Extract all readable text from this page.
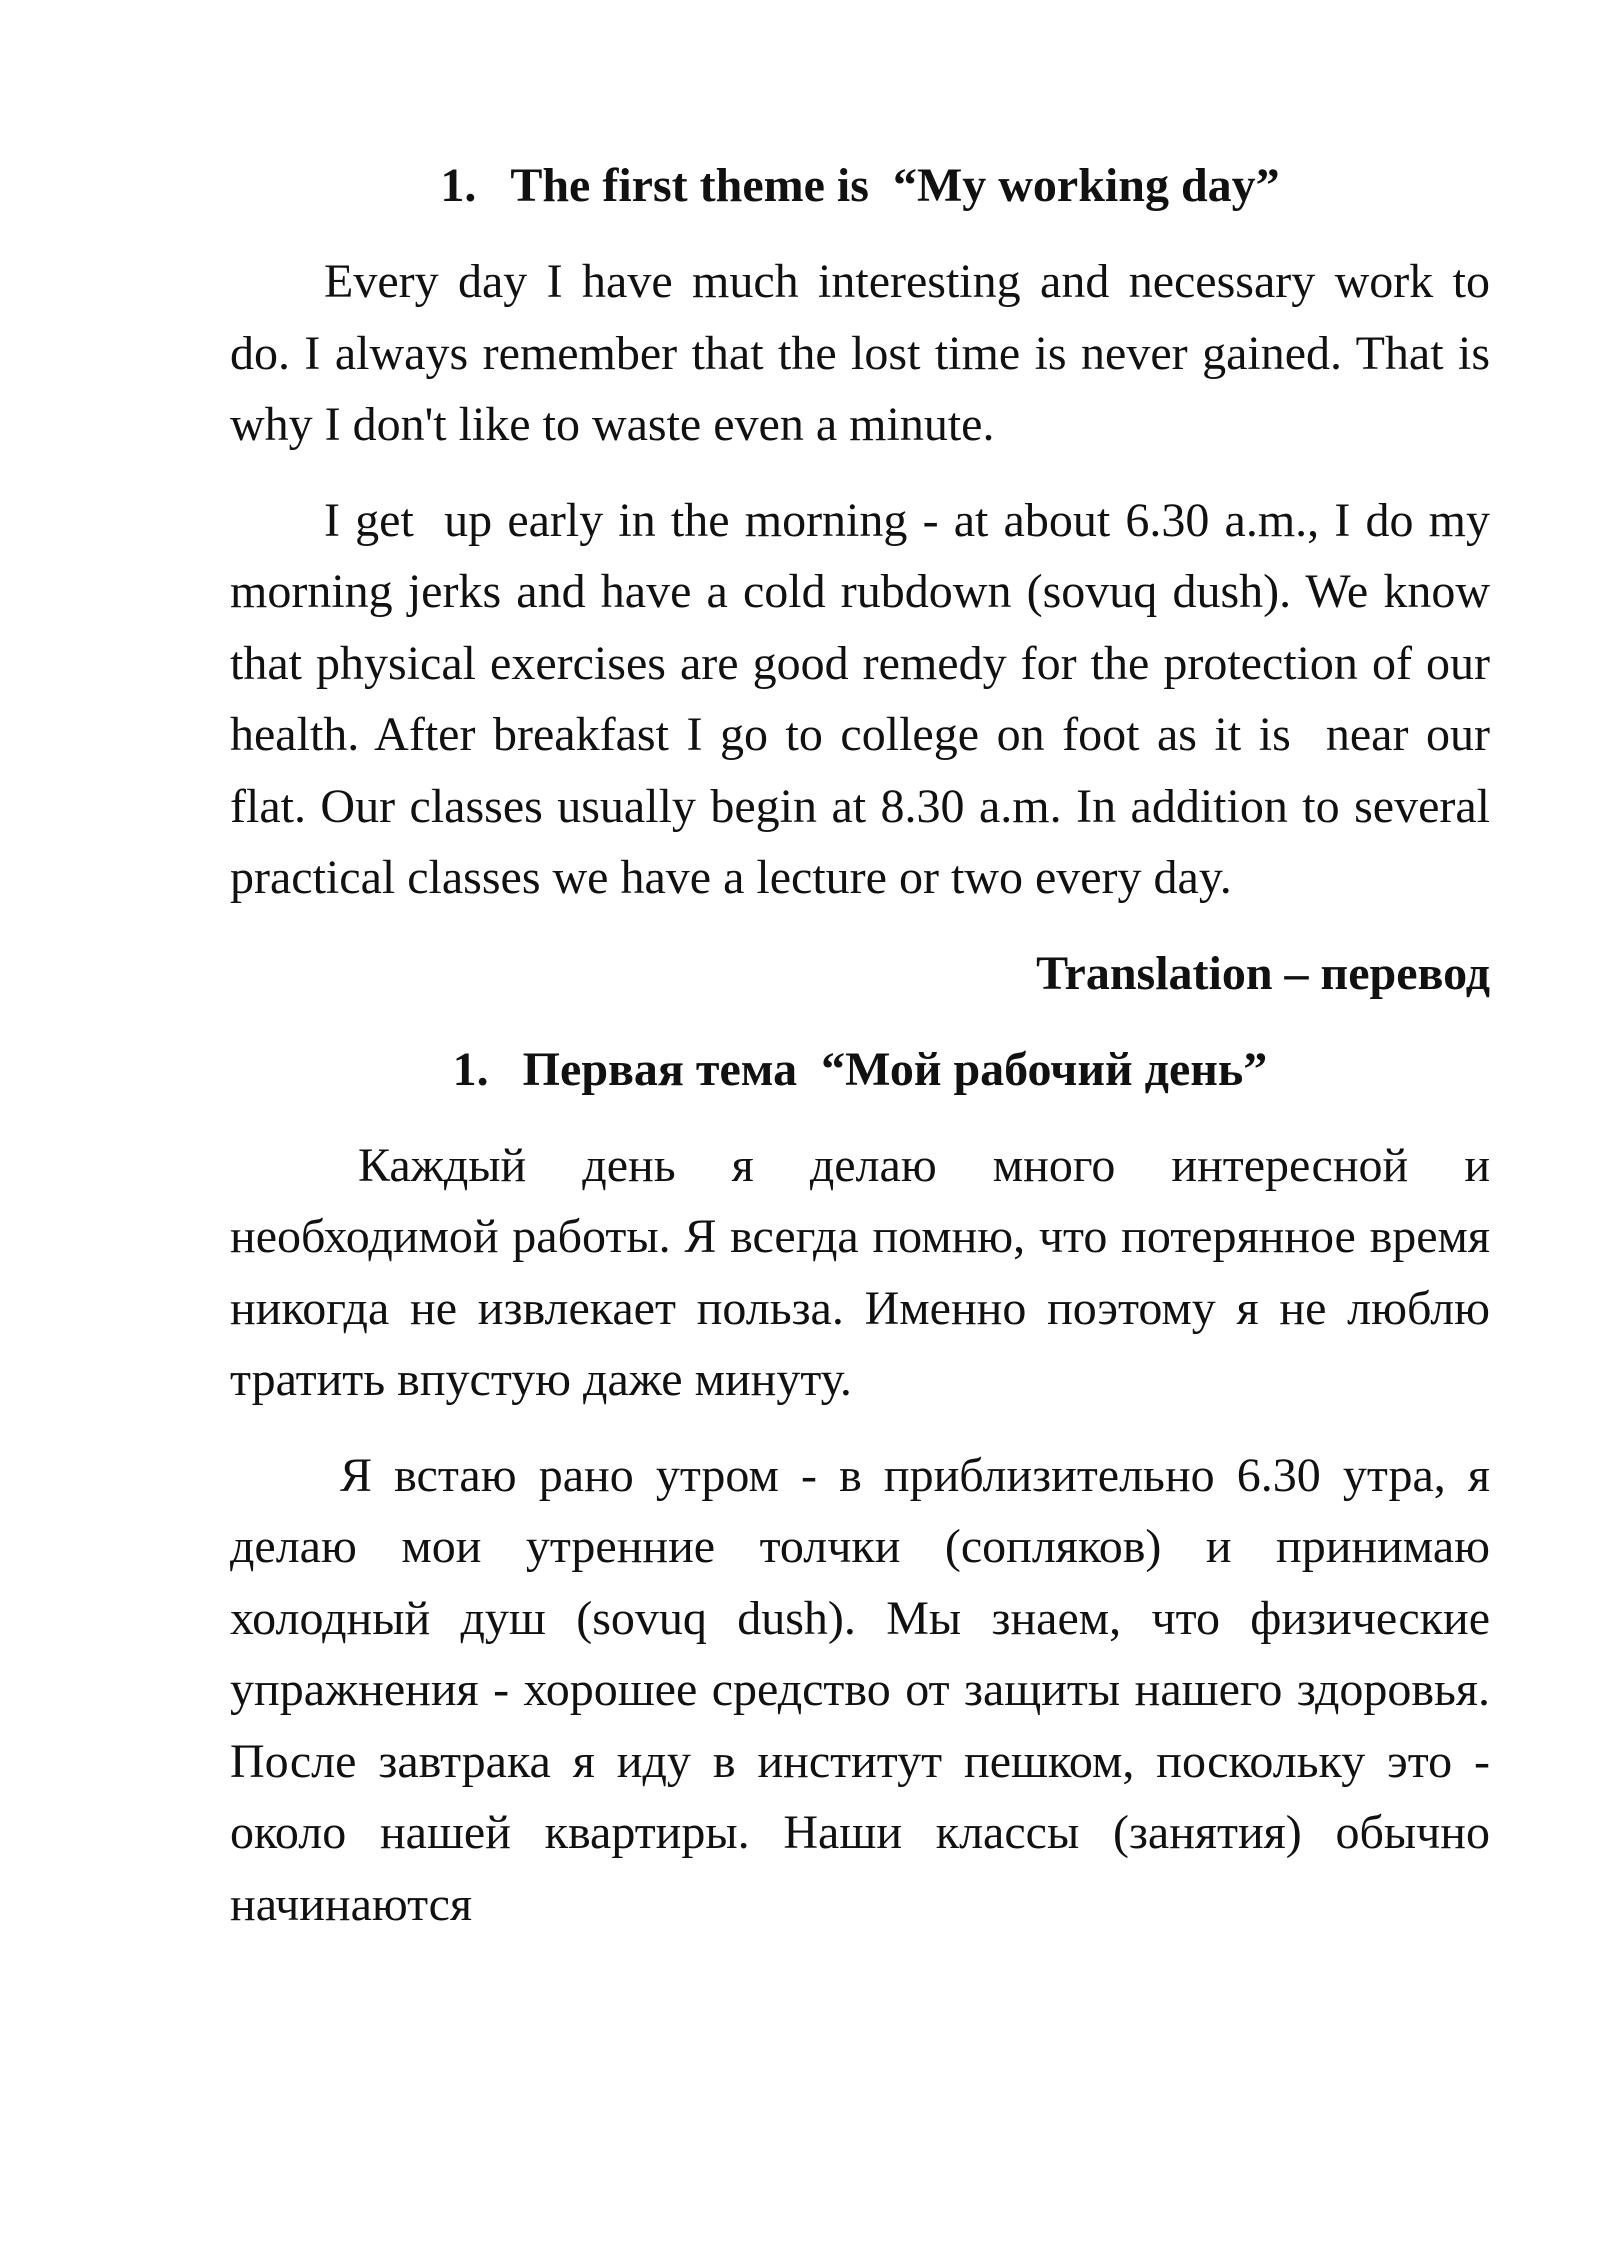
1. The first theme is  “My working day”

Every day I have much interesting and necessary work to do. I always remember that the lost time is never gained. That is why I don't like to waste even a minute.

I get  up early in the morning - at about 6.30 a.m., I do my morning jerks and have a cold rubdown (sovuq dush). We know that physical exercises are good remedy for the protection of our health. After breakfast I go to college on foot as it is  near our flat. Our classes usually begin at 8.30 a.m. In addition to several practical classes we have a lecture or two every day.

Translation – перевод
1. Первая тема  “Мой рабочий день”

Каждый день я делаю много интересной и необходимой работы. Я всегда помню, что потерянное время никогда не извлекает польза. Именно поэтому я не люблю тратить впустую даже минуту.

Я встаю рано утром - в приблизительно 6.30 утра, я делаю мои утренние толчки (сопляков) и принимаю холодный душ (sovuq dush). Мы знаем, что физические упражнения - хорошее средство от защиты нашего здоровья. После завтрака я иду в институт пешком, поскольку это - около нашей квартиры. Наши классы (занятия) обычно начинаются
